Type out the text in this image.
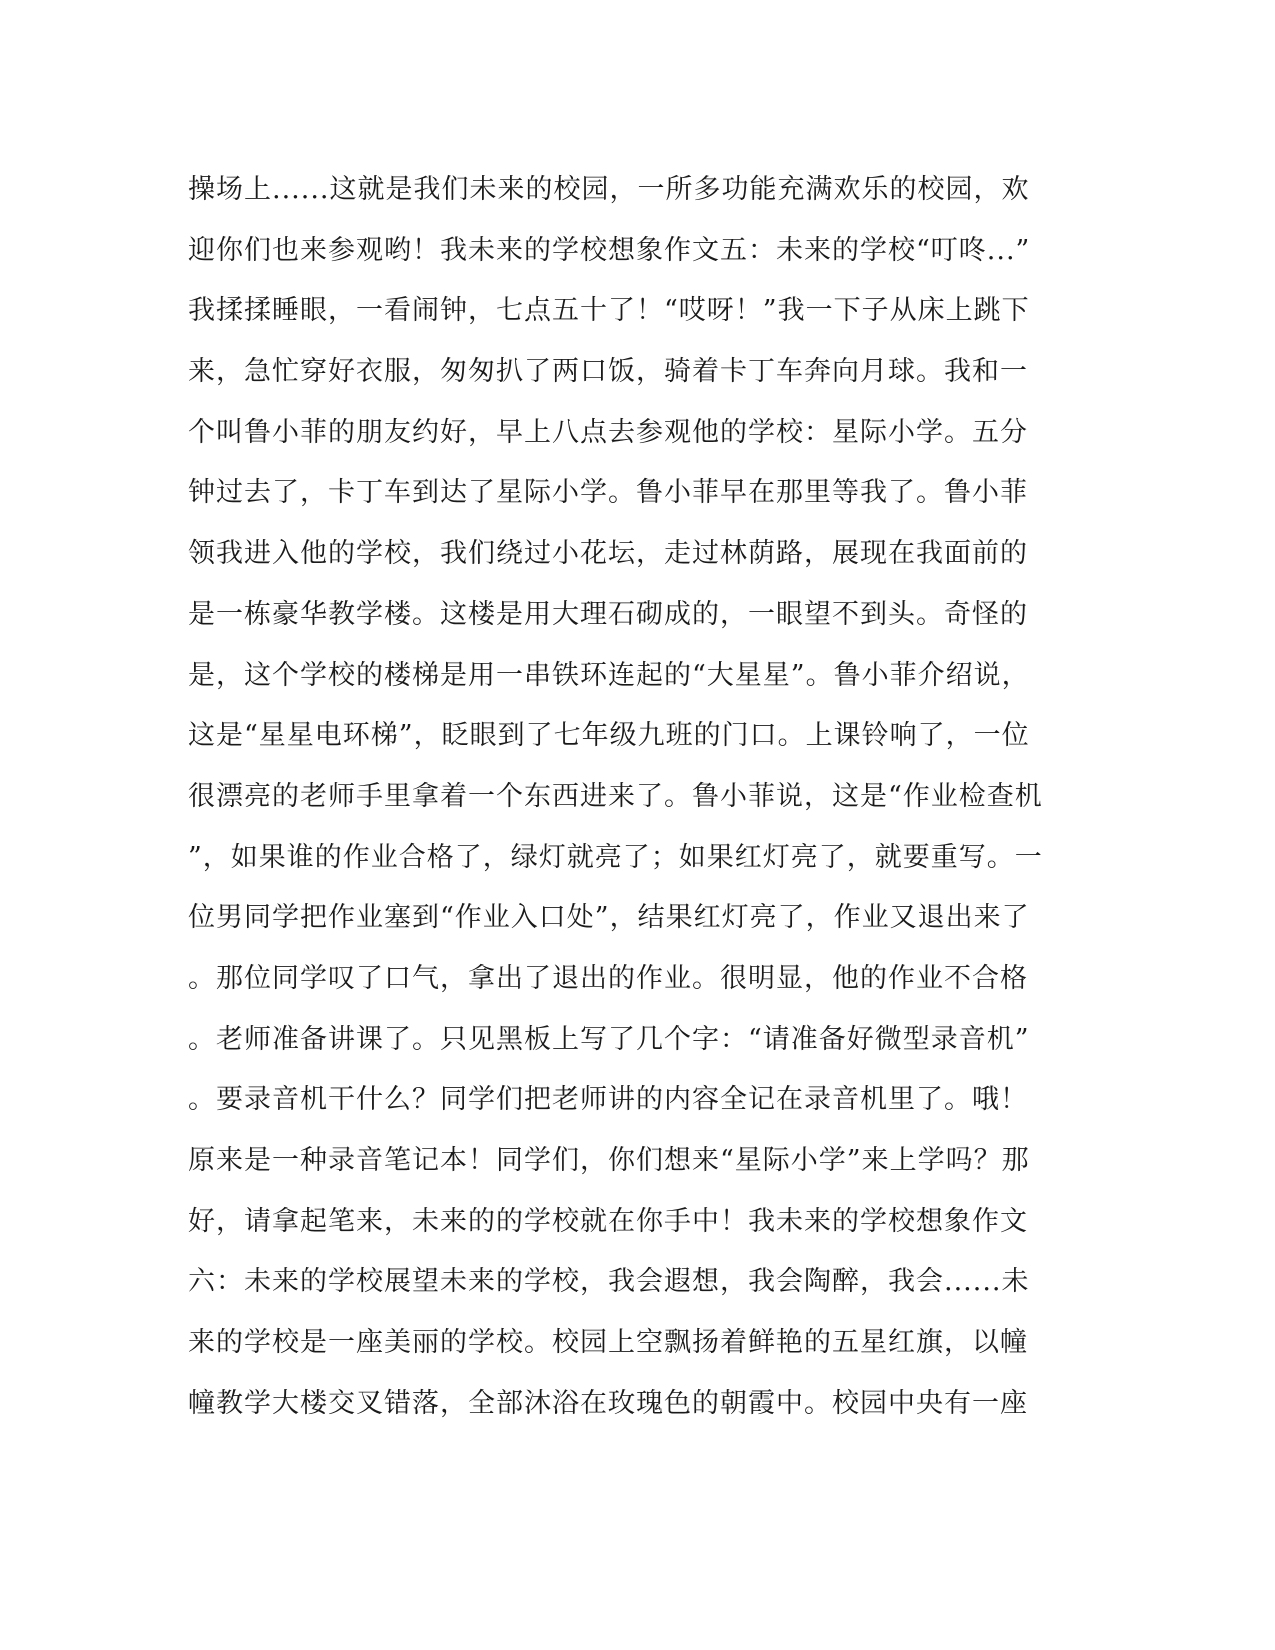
操场上......这就是我们未来的校园，一所多功能充满欢乐的校园，欢
迎你们也来参观哟！我未来的学校想象作文五：未来的学校“叮咚...”
我揉揉睡眼，一看闹钟，七点五十了！“哎呀！”我一下子从床上跳下
来，急忙穿好衣服，匆匆扒了两口饭，骑着卡丁车奔向月球。我和一
个叫鲁小菲的朋友约好，早上八点去参观他的学校：星际小学。五分
钟过去了，卡丁车到达了星际小学。鲁小菲早在那里等我了。鲁小菲
领我进入他的学校，我们绕过小花坛，走过林荫路，展现在我面前的
是一栋豪华教学楼。这楼是用大理石砌成的，一眼望不到头。奇怪的
是，这个学校的楼梯是用一串铁环连起的“大星星”。鲁小菲介绍说，
这是“星星电环梯”，眨眼到了七年级九班的门口。上课铃响了，一位
很漂亮的老师手里拿着一个东西进来了。鲁小菲说，这是“作业检查机
”，如果谁的作业合格了，绿灯就亮了；如果红灯亮了，就要重写。一
位男同学把作业塞到“作业入口处”，结果红灯亮了，作业又退出来了
。那位同学叹了口气，拿出了退出的作业。很明显，他的作业不合格
。老师准备讲课了。只见黑板上写了几个字：“请准备好微型录音机”
。要录音机干什么？同学们把老师讲的内容全记在录音机里了。哦！
原来是一种录音笔记本！同学们，你们想来“星际小学”来上学吗？那
好，请拿起笔来，未来的的学校就在你手中！我未来的学校想象作文
六：未来的学校展望未来的学校，我会遐想，我会陶醉，我会......未
来的学校是一座美丽的学校。校园上空飘扬着鲜艳的五星红旗，以幢
幢教学大楼交叉错落，全部沐浴在玫瑰色的朝霞中。校园中央有一座
